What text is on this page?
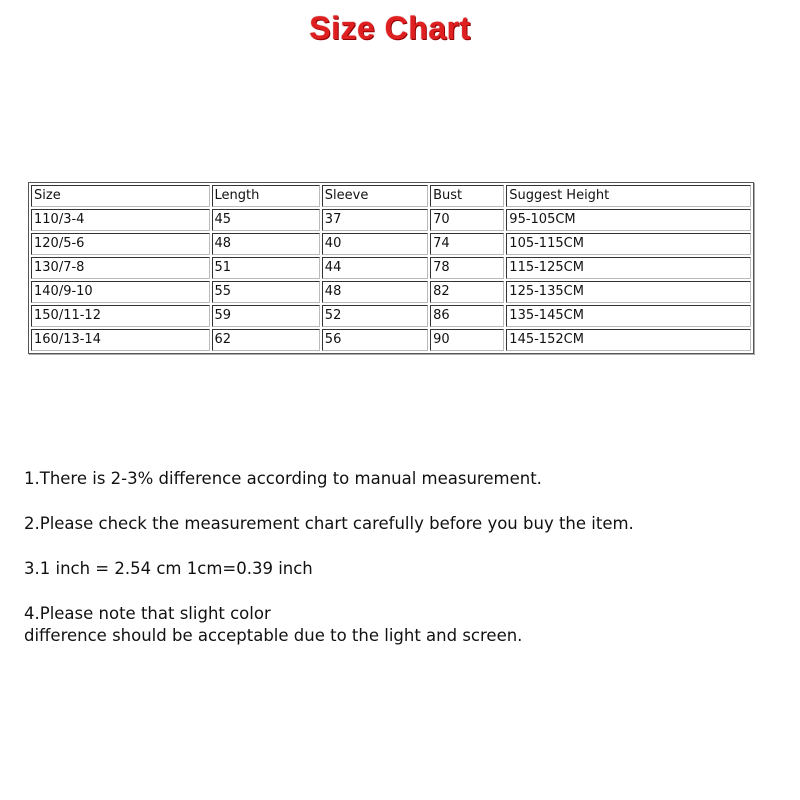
Size Chart
Size	Length	Sleeve	Bust	Suggest Height
110/3-4	45	37	70	95-105CM
120/5-6	48	40	74	105-115CM
130/7-8	51	44	78	115-125CM
140/9-10	55	48	82	125-135CM
150/11-12	59	52	86	135-145CM
160/13-14	62	56	90	145-152CM

1.There is 2-3% difference according to manual measurement.

2.Please check the measurement chart carefully before you buy the item.

3.1 inch = 2.54 cm 1cm=0.39 inch

4.Please note that slight color
difference should be acceptable due to the light and screen.
